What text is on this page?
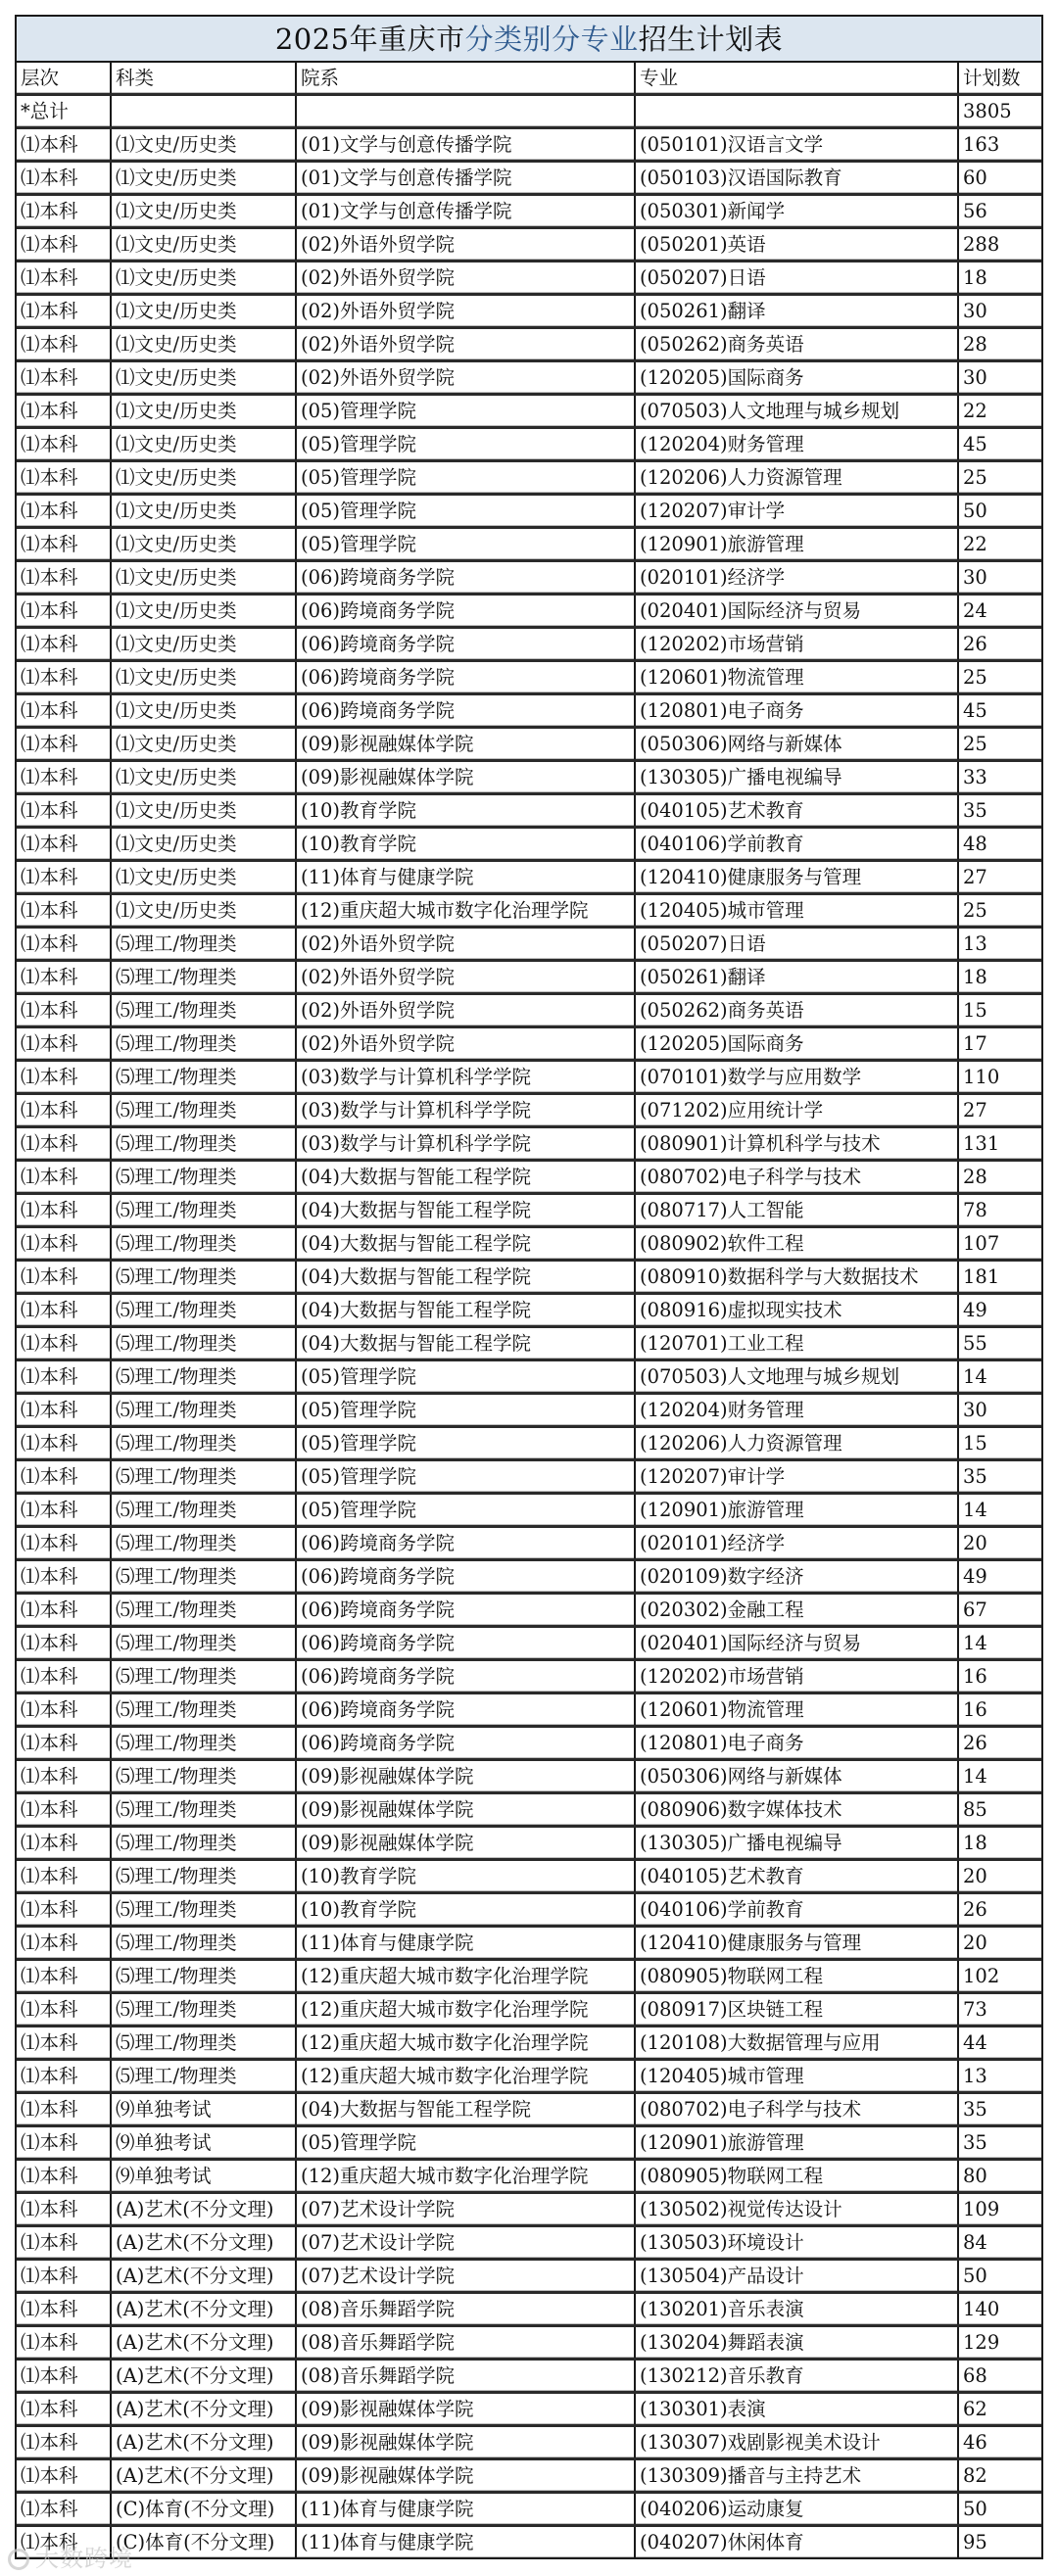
2025年重庆市分类别分专业招生计划表
层次	科类	院系	专业	计划数
*总计				3805
⑴本科	⑴文史/历史类	(01)文学与创意传播学院	(050101)汉语言文学	163
⑴本科	⑴文史/历史类	(01)文学与创意传播学院	(050103)汉语国际教育	60
⑴本科	⑴文史/历史类	(01)文学与创意传播学院	(050301)新闻学	56
⑴本科	⑴文史/历史类	(02)外语外贸学院	(050201)英语	288
⑴本科	⑴文史/历史类	(02)外语外贸学院	(050207)日语	18
⑴本科	⑴文史/历史类	(02)外语外贸学院	(050261)翻译	30
⑴本科	⑴文史/历史类	(02)外语外贸学院	(050262)商务英语	28
⑴本科	⑴文史/历史类	(02)外语外贸学院	(120205)国际商务	30
⑴本科	⑴文史/历史类	(05)管理学院	(070503)人文地理与城乡规划	22
⑴本科	⑴文史/历史类	(05)管理学院	(120204)财务管理	45
⑴本科	⑴文史/历史类	(05)管理学院	(120206)人力资源管理	25
⑴本科	⑴文史/历史类	(05)管理学院	(120207)审计学	50
⑴本科	⑴文史/历史类	(05)管理学院	(120901)旅游管理	22
⑴本科	⑴文史/历史类	(06)跨境商务学院	(020101)经济学	30
⑴本科	⑴文史/历史类	(06)跨境商务学院	(020401)国际经济与贸易	24
⑴本科	⑴文史/历史类	(06)跨境商务学院	(120202)市场营销	26
⑴本科	⑴文史/历史类	(06)跨境商务学院	(120601)物流管理	25
⑴本科	⑴文史/历史类	(06)跨境商务学院	(120801)电子商务	45
⑴本科	⑴文史/历史类	(09)影视融媒体学院	(050306)网络与新媒体	25
⑴本科	⑴文史/历史类	(09)影视融媒体学院	(130305)广播电视编导	33
⑴本科	⑴文史/历史类	(10)教育学院	(040105)艺术教育	35
⑴本科	⑴文史/历史类	(10)教育学院	(040106)学前教育	48
⑴本科	⑴文史/历史类	(11)体育与健康学院	(120410)健康服务与管理	27
⑴本科	⑴文史/历史类	(12)重庆超大城市数字化治理学院	(120405)城市管理	25
⑴本科	⑸理工/物理类	(02)外语外贸学院	(050207)日语	13
⑴本科	⑸理工/物理类	(02)外语外贸学院	(050261)翻译	18
⑴本科	⑸理工/物理类	(02)外语外贸学院	(050262)商务英语	15
⑴本科	⑸理工/物理类	(02)外语外贸学院	(120205)国际商务	17
⑴本科	⑸理工/物理类	(03)数学与计算机科学学院	(070101)数学与应用数学	110
⑴本科	⑸理工/物理类	(03)数学与计算机科学学院	(071202)应用统计学	27
⑴本科	⑸理工/物理类	(03)数学与计算机科学学院	(080901)计算机科学与技术	131
⑴本科	⑸理工/物理类	(04)大数据与智能工程学院	(080702)电子科学与技术	28
⑴本科	⑸理工/物理类	(04)大数据与智能工程学院	(080717)人工智能	78
⑴本科	⑸理工/物理类	(04)大数据与智能工程学院	(080902)软件工程	107
⑴本科	⑸理工/物理类	(04)大数据与智能工程学院	(080910)数据科学与大数据技术	181
⑴本科	⑸理工/物理类	(04)大数据与智能工程学院	(080916)虚拟现实技术	49
⑴本科	⑸理工/物理类	(04)大数据与智能工程学院	(120701)工业工程	55
⑴本科	⑸理工/物理类	(05)管理学院	(070503)人文地理与城乡规划	14
⑴本科	⑸理工/物理类	(05)管理学院	(120204)财务管理	30
⑴本科	⑸理工/物理类	(05)管理学院	(120206)人力资源管理	15
⑴本科	⑸理工/物理类	(05)管理学院	(120207)审计学	35
⑴本科	⑸理工/物理类	(05)管理学院	(120901)旅游管理	14
⑴本科	⑸理工/物理类	(06)跨境商务学院	(020101)经济学	20
⑴本科	⑸理工/物理类	(06)跨境商务学院	(020109)数字经济	49
⑴本科	⑸理工/物理类	(06)跨境商务学院	(020302)金融工程	67
⑴本科	⑸理工/物理类	(06)跨境商务学院	(020401)国际经济与贸易	14
⑴本科	⑸理工/物理类	(06)跨境商务学院	(120202)市场营销	16
⑴本科	⑸理工/物理类	(06)跨境商务学院	(120601)物流管理	16
⑴本科	⑸理工/物理类	(06)跨境商务学院	(120801)电子商务	26
⑴本科	⑸理工/物理类	(09)影视融媒体学院	(050306)网络与新媒体	14
⑴本科	⑸理工/物理类	(09)影视融媒体学院	(080906)数字媒体技术	85
⑴本科	⑸理工/物理类	(09)影视融媒体学院	(130305)广播电视编导	18
⑴本科	⑸理工/物理类	(10)教育学院	(040105)艺术教育	20
⑴本科	⑸理工/物理类	(10)教育学院	(040106)学前教育	26
⑴本科	⑸理工/物理类	(11)体育与健康学院	(120410)健康服务与管理	20
⑴本科	⑸理工/物理类	(12)重庆超大城市数字化治理学院	(080905)物联网工程	102
⑴本科	⑸理工/物理类	(12)重庆超大城市数字化治理学院	(080917)区块链工程	73
⑴本科	⑸理工/物理类	(12)重庆超大城市数字化治理学院	(120108)大数据管理与应用	44
⑴本科	⑸理工/物理类	(12)重庆超大城市数字化治理学院	(120405)城市管理	13
⑴本科	⑼单独考试	(04)大数据与智能工程学院	(080702)电子科学与技术	35
⑴本科	⑼单独考试	(05)管理学院	(120901)旅游管理	35
⑴本科	⑼单独考试	(12)重庆超大城市数字化治理学院	(080905)物联网工程	80
⑴本科	(A)艺术(不分文理)	(07)艺术设计学院	(130502)视觉传达设计	109
⑴本科	(A)艺术(不分文理)	(07)艺术设计学院	(130503)环境设计	84
⑴本科	(A)艺术(不分文理)	(07)艺术设计学院	(130504)产品设计	50
⑴本科	(A)艺术(不分文理)	(08)音乐舞蹈学院	(130201)音乐表演	140
⑴本科	(A)艺术(不分文理)	(08)音乐舞蹈学院	(130204)舞蹈表演	129
⑴本科	(A)艺术(不分文理)	(08)音乐舞蹈学院	(130212)音乐教育	68
⑴本科	(A)艺术(不分文理)	(09)影视融媒体学院	(130301)表演	62
⑴本科	(A)艺术(不分文理)	(09)影视融媒体学院	(130307)戏剧影视美术设计	46
⑴本科	(A)艺术(不分文理)	(09)影视融媒体学院	(130309)播音与主持艺术	82
⑴本科	(C)体育(不分文理)	(11)体育与健康学院	(040206)运动康复	50
⑴本科	(C)体育(不分文理)	(11)体育与健康学院	(040207)休闲体育	95
大数跨境
